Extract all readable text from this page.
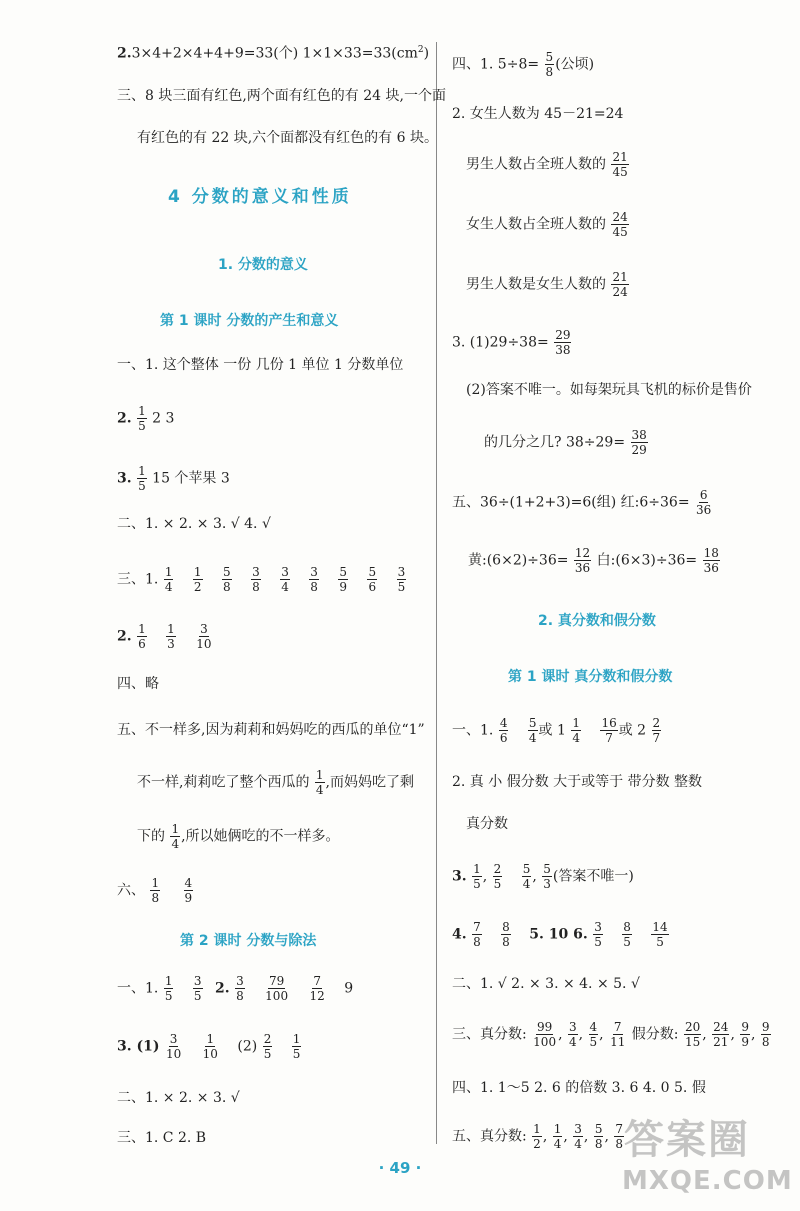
2.3×4+2×4+4+9=33(个) $1\times 1\times 33=33(cm^2)$
三、8 块三面有红色,两个面有红色的有 24 块,一个面
有红色的有 22 块,六个面都没有红色的有 6 块。
4 分数的意义和性质
1. 分数的意义
第 1 课时 分数的产生和意义
一、1. 这个整体 一份 几份 1 单位 1 分数单位
2. $\frac{1}{5} 2$ 3
3. $\frac{1}{5} 15$ 个苹果 3
二、1. × 2. × 3. √ 4. √
三、1. $\frac{1}{4}$
$\frac{1}{2}$
$\frac{5}{8}$
$\frac{3}{8}$
$\frac{3}{4}$
$\frac{3}{8}$
$\frac{5}{9}$
$\frac{5}{6}$
$\frac{3}{5}$
2. $\frac{1}{6}$
$\frac{1}{3}$
$\frac{3}{10}$
四、略
五、不一样多,因为莉莉和妈妈吃的西瓜的单位“1”
不一样,莉莉吃了整个西瓜的 $\frac{1}{4}$ ,而妈妈吃了剩
下的 $\frac{1}{4}$ ,所以她俩吃的不一样多。
六、 $\frac{1}{8}$
$\frac{4}{9}$
第 2 课时 分数与除法
一、1. $\frac{1}{5}$
$\frac{3}{5} 2$. $\frac{3}{8}$
$\frac{79}{100}$
$\frac{7}{12} 9$
3. $(1) \frac{3}{10}$
$\frac{1}{10} (2) \frac{2}{5}$
$\frac{1}{5}$
二、1. × 2. × 3. √
三、1. C 2. B
四、1. $5\div 8= \frac{5}{8}$ (公顷)
2. 女生人数为 45－21=24
男生人数占全班人数的 $\frac{21}{45}$
女生人数占全班人数的 $\frac{24}{45}$
男生人数是女生人数的 $\frac{21}{24}$
3. $(1)29\div 38= \frac{29}{38}$
(2)答案不唯一。如每架玩具飞机的标价是售价
的几分之几? $38\div 29= \frac{38}{29}$
五、36÷(1+2+3)=6(组) 红:6÷36= $\frac{6}{36}$
黄:(6×2)÷36= $\frac{12}{36}$ 白:(6×3)÷36= $\frac{18}{36}$
2. 真分数和假分数
第 1 课时 真分数和假分数
一、1. $\frac{4}{6}$
$\frac{5}{4}$ 或 $1 \frac{1}{4}$
$\frac{16}{7}$ 或 $2 \frac{2}{7}$
2. 真 小 假分数 大于或等于 带分数 整数
真分数
3. $\frac{1}{5}$ , $\frac{2}{5}$
$\frac{5}{4}$ , $\frac{5}{3}$ (答案不唯一)
4. $\frac{7}{8}$
$\frac{8}{8} 5$. 10 6. $\frac{3}{5}$
$\frac{8}{5}$
$\frac{14}{5}$
二、1. √ 2. × 3. × 4. × 5. √
三、真分数: $\frac{99}{100}$ , $\frac{3}{4}$ , $\frac{4}{5}$ , $\frac{7}{11}$ 假分数: $\frac{20}{15}$ , $\frac{24}{21}$ , $\frac{9}{9}$ , $\frac{9}{8}$
四、1. 1～5 2. 6 的倍数 3. 6 4. 0 5. 假
五、真分数: $\frac{1}{2}$ , $\frac{1}{4}$ , $\frac{3}{4}$ , $\frac{5}{8}$ , $\frac{7}{8}$
· 49 ·
答案圈
MXQE.COM
